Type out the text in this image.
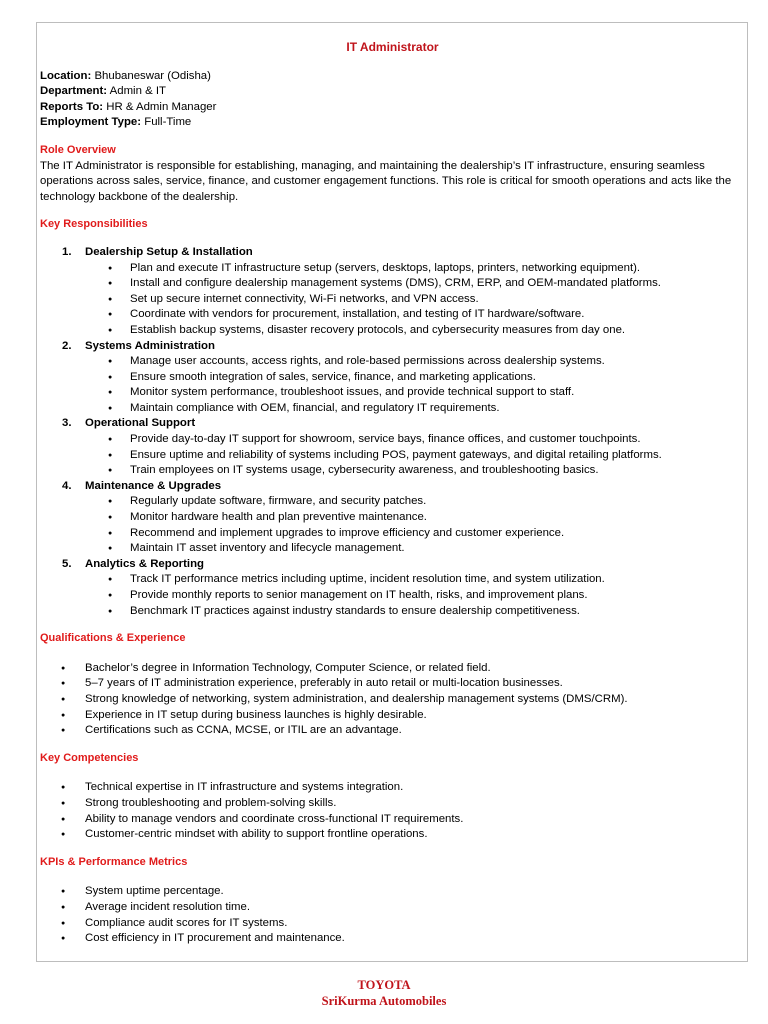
IT Administrator

Location: Bhubaneswar (Odisha)

Department: Admin & IT

Reports To: HR & Admin Manager

Employment Type: Full-Time

Role Overview

The IT Administrator is responsible for establishing, managing, and maintaining the dealership’s IT infrastructure, ensuring seamless operations across sales, service, finance, and customer engagement functions. This role is critical for smooth operations and acts like the technology backbone of the dealership.

Key Responsibilities
1. Dealership Setup & Installation
● Plan and execute IT infrastructure setup (servers, desktops, laptops, printers, networking equipment).
● Install and configure dealership management systems (DMS), CRM, ERP, and OEM-mandated platforms.
● Set up secure internet connectivity, Wi-Fi networks, and VPN access.
● Coordinate with vendors for procurement, installation, and testing of IT hardware/software.
● Establish backup systems, disaster recovery protocols, and cybersecurity measures from day one.
2. Systems Administration
● Manage user accounts, access rights, and role-based permissions across dealership systems.
● Ensure smooth integration of sales, service, finance, and marketing applications.
● Monitor system performance, troubleshoot issues, and provide technical support to staff.
● Maintain compliance with OEM, financial, and regulatory IT requirements.
3. Operational Support
● Provide day-to-day IT support for showroom, service bays, finance offices, and customer touchpoints.
● Ensure uptime and reliability of systems including POS, payment gateways, and digital retailing platforms.
● Train employees on IT systems usage, cybersecurity awareness, and troubleshooting basics.
4. Maintenance & Upgrades
● Regularly update software, firmware, and security patches.
● Monitor hardware health and plan preventive maintenance.
● Recommend and implement upgrades to improve efficiency and customer experience.
● Maintain IT asset inventory and lifecycle management.
5. Analytics & Reporting
● Track IT performance metrics including uptime, incident resolution time, and system utilization.
● Provide monthly reports to senior management on IT health, risks, and improvement plans.
● Benchmark IT practices against industry standards to ensure dealership competitiveness.
Qualifications & Experience
● Bachelor’s degree in Information Technology, Computer Science, or related field.
● 5–7 years of IT administration experience, preferably in auto retail or multi-location businesses.
● Strong knowledge of networking, system administration, and dealership management systems (DMS/CRM).
● Experience in IT setup during business launches is highly desirable.
● Certifications such as CCNA, MCSE, or ITIL are an advantage.
Key Competencies
● Technical expertise in IT infrastructure and systems integration.
● Strong troubleshooting and problem-solving skills.
● Ability to manage vendors and coordinate cross-functional IT requirements.
● Customer-centric mindset with ability to support frontline operations.
KPIs & Performance Metrics
● System uptime percentage.
● Average incident resolution time.
● Compliance audit scores for IT systems.
● Cost efficiency in IT procurement and maintenance.
TOYOTA
SriKurma Automobiles
